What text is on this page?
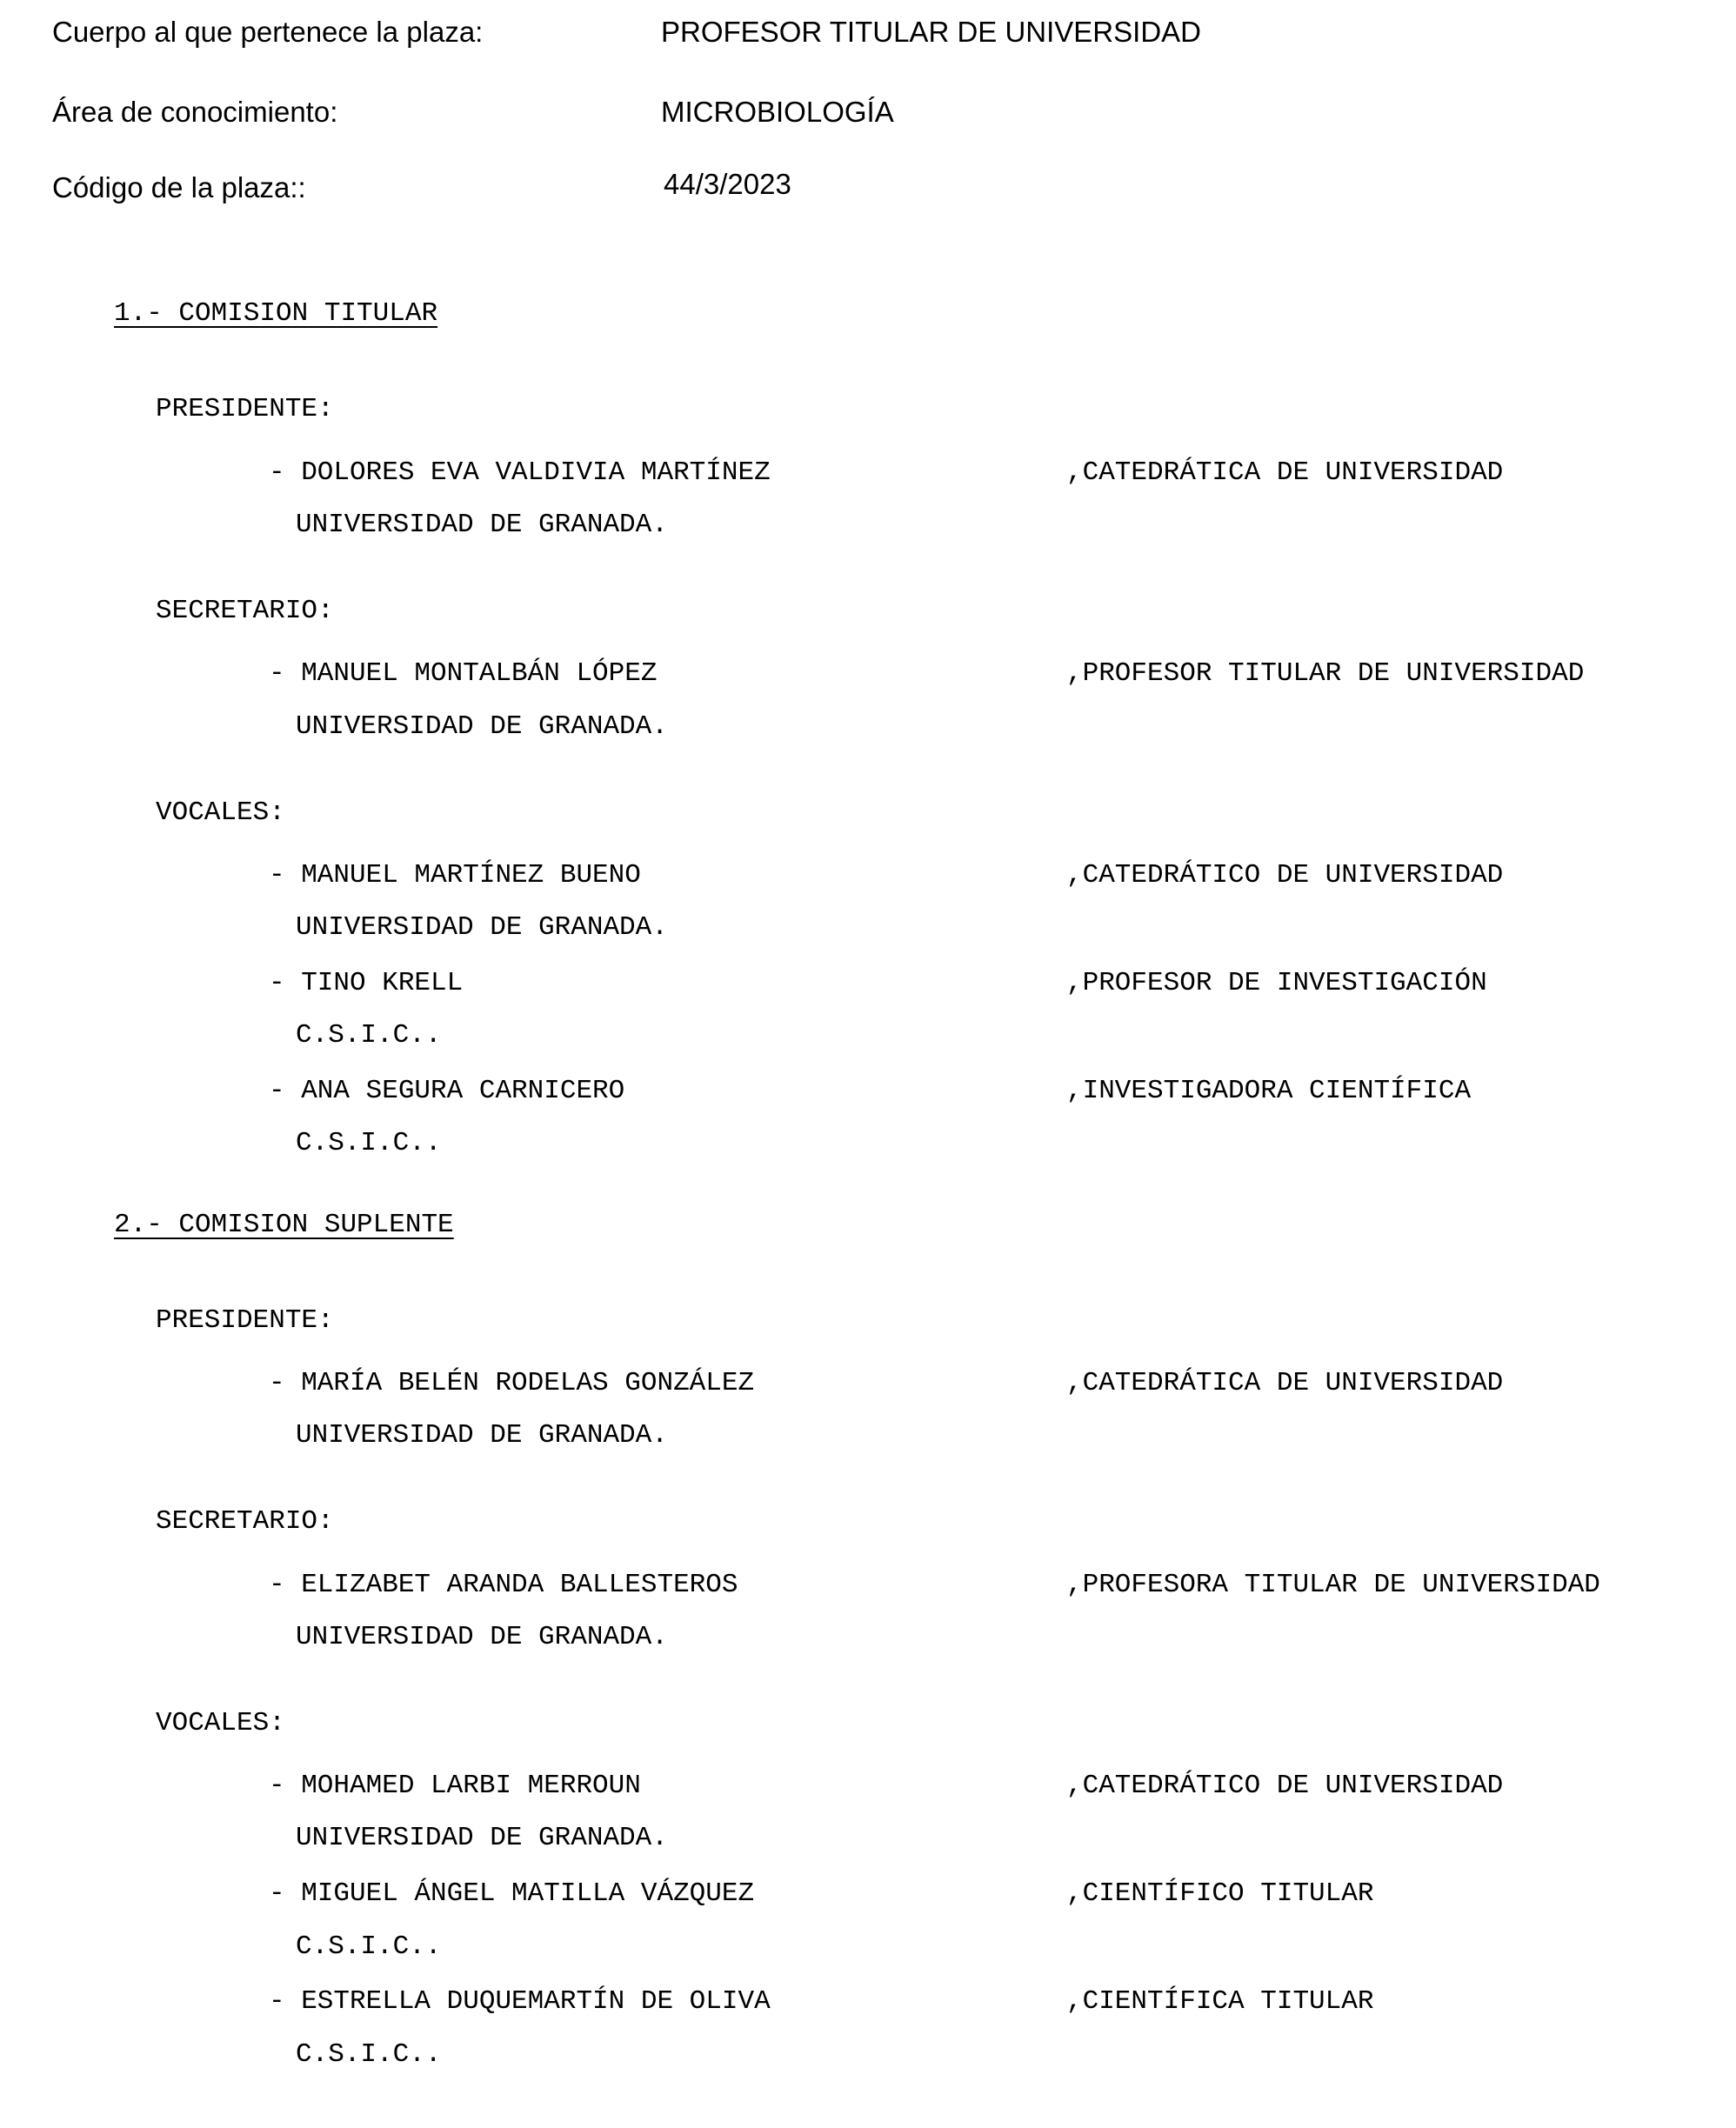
Cuerpo al que pertenece la plaza:	PROFESOR TITULAR DE UNIVERSIDAD
Área de conocimiento:	MICROBIOLOGÍA
Código de la plaza::	44/3/2023
1.- COMISION TITULAR
PRESIDENTE:
- DOLORES EVA VALDIVIA MARTÍNEZ	,CATEDRÁTICA DE UNIVERSIDAD
UNIVERSIDAD DE GRANADA.
SECRETARIO:
- MANUEL MONTALBÁN LÓPEZ	,PROFESOR TITULAR DE UNIVERSIDAD
UNIVERSIDAD DE GRANADA.
VOCALES:
- MANUEL MARTÍNEZ BUENO	,CATEDRÁTICO DE UNIVERSIDAD
UNIVERSIDAD DE GRANADA.
- TINO KRELL	,PROFESOR DE INVESTIGACIÓN
C.S.I.C..
- ANA SEGURA CARNICERO	,INVESTIGADORA CIENTÍFICA
C.S.I.C..
2.- COMISION SUPLENTE
PRESIDENTE:
- MARÍA BELÉN RODELAS GONZÁLEZ	,CATEDRÁTICA DE UNIVERSIDAD
UNIVERSIDAD DE GRANADA.
SECRETARIO:
- ELIZABET ARANDA BALLESTEROS	,PROFESORA TITULAR DE UNIVERSIDAD
UNIVERSIDAD DE GRANADA.
VOCALES:
- MOHAMED LARBI MERROUN	,CATEDRÁTICO DE UNIVERSIDAD
UNIVERSIDAD DE GRANADA.
- MIGUEL ÁNGEL MATILLA VÁZQUEZ	,CIENTÍFICO TITULAR
C.S.I.C..
- ESTRELLA DUQUEMARTÍN DE OLIVA	,CIENTÍFICA TITULAR
C.S.I.C..
